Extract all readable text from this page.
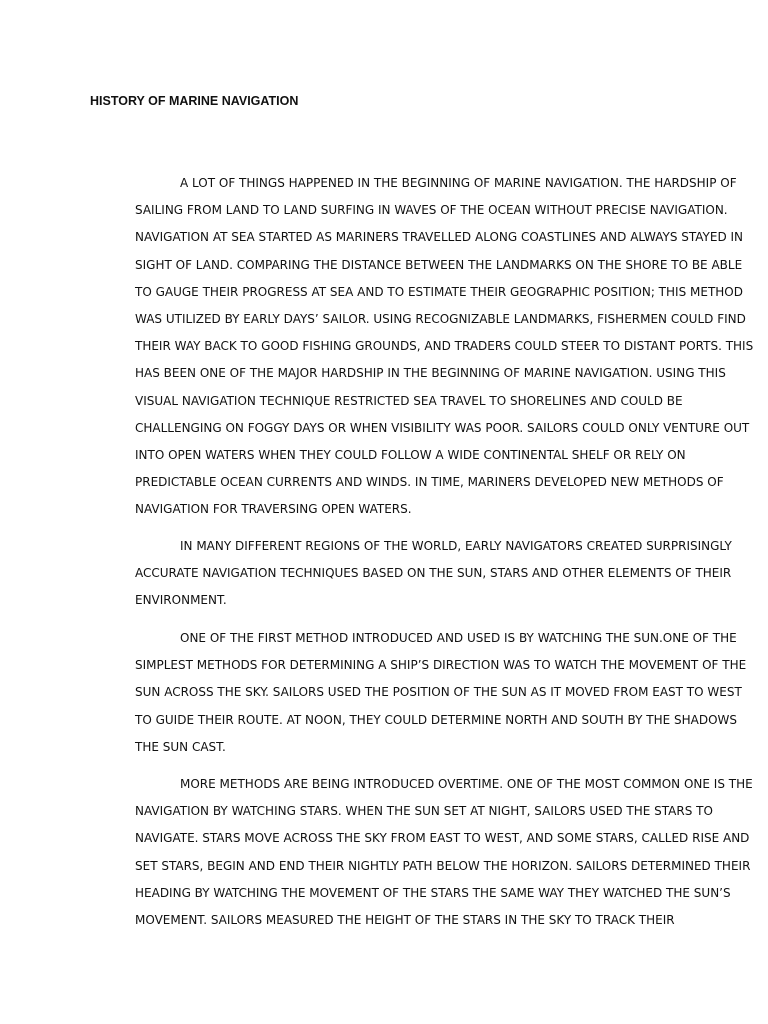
HISTORY OF MARINE NAVIGATION
A LOT OF THINGS HAPPENED IN THE BEGINNING OF MARINE NAVIGATION. THE HARDSHIP OF
SAILING FROM LAND TO LAND SURFING IN WAVES OF THE OCEAN WITHOUT PRECISE NAVIGATION.
NAVIGATION AT SEA STARTED AS MARINERS TRAVELLED ALONG COASTLINES AND ALWAYS STAYED IN
SIGHT OF LAND. COMPARING THE DISTANCE BETWEEN THE LANDMARKS ON THE SHORE TO BE ABLE
TO GAUGE THEIR PROGRESS AT SEA AND TO ESTIMATE THEIR GEOGRAPHIC POSITION; THIS METHOD
WAS UTILIZED BY EARLY DAYS’ SAILOR. USING RECOGNIZABLE LANDMARKS, FISHERMEN COULD FIND
THEIR WAY BACK TO GOOD FISHING GROUNDS, AND TRADERS COULD STEER TO DISTANT PORTS. THIS
HAS BEEN ONE OF THE MAJOR HARDSHIP IN THE BEGINNING OF MARINE NAVIGATION. USING THIS
VISUAL NAVIGATION TECHNIQUE RESTRICTED SEA TRAVEL TO SHORELINES AND COULD BE
CHALLENGING ON FOGGY DAYS OR WHEN VISIBILITY WAS POOR. SAILORS COULD ONLY VENTURE OUT
INTO OPEN WATERS WHEN THEY COULD FOLLOW A WIDE CONTINENTAL SHELF OR RELY ON
PREDICTABLE OCEAN CURRENTS AND WINDS. IN TIME, MARINERS DEVELOPED NEW METHODS OF
NAVIGATION FOR TRAVERSING OPEN WATERS.
IN MANY DIFFERENT REGIONS OF THE WORLD, EARLY NAVIGATORS CREATED SURPRISINGLY
ACCURATE NAVIGATION TECHNIQUES BASED ON THE SUN, STARS AND OTHER ELEMENTS OF THEIR
ENVIRONMENT.
ONE OF THE FIRST METHOD INTRODUCED AND USED IS BY WATCHING THE SUN.ONE OF THE
SIMPLEST METHODS FOR DETERMINING A SHIP’S DIRECTION WAS TO WATCH THE MOVEMENT OF THE
SUN ACROSS THE SKY. SAILORS USED THE POSITION OF THE SUN AS IT MOVED FROM EAST TO WEST
TO GUIDE THEIR ROUTE. AT NOON, THEY COULD DETERMINE NORTH AND SOUTH BY THE SHADOWS
THE SUN CAST.
MORE METHODS ARE BEING INTRODUCED OVERTIME. ONE OF THE MOST COMMON ONE IS THE
NAVIGATION BY WATCHING STARS. WHEN THE SUN SET AT NIGHT, SAILORS USED THE STARS TO
NAVIGATE. STARS MOVE ACROSS THE SKY FROM EAST TO WEST, AND SOME STARS, CALLED RISE AND
SET STARS, BEGIN AND END THEIR NIGHTLY PATH BELOW THE HORIZON. SAILORS DETERMINED THEIR
HEADING BY WATCHING THE MOVEMENT OF THE STARS THE SAME WAY THEY WATCHED THE SUN’S
MOVEMENT. SAILORS MEASURED THE HEIGHT OF THE STARS IN THE SKY TO TRACK THEIR
